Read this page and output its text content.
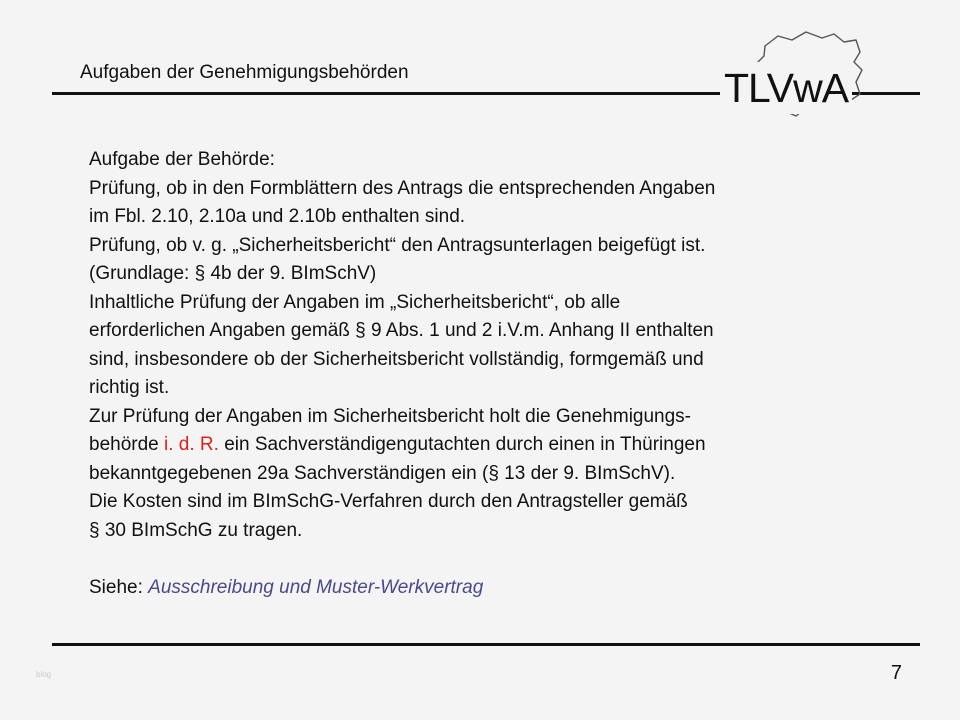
Aufgaben der Genehmigungsbehörden	TLVwA

Aufgabe der Behörde:

Prüfung, ob in den Formblättern des Antrags die entsprechenden Angaben

im Fbl. 2.10, 2.10a und 2.10b enthalten sind.

Prüfung, ob v. g. „Sicherheitsbericht“ den Antragsunterlagen beigefügt ist.

(Grundlage: § 4b der 9. BImSchV)

Inhaltliche Prüfung der Angaben im „Sicherheitsbericht“, ob alle

erforderlichen Angaben gemäß § 9 Abs. 1 und 2 i.V.m. Anhang II enthalten

sind, insbesondere ob der Sicherheitsbericht vollständig, formgemäß und

richtig ist.

Zur Prüfung der Angaben im Sicherheitsbericht holt die Genehmigungs-

behörde i. d. R. ein Sachverständigengutachten durch einen in Thüringen

bekanntgegebenen 29a Sachverständigen ein (§ 13 der 9. BImSchV).

Die Kosten sind im BImSchG-Verfahren durch den Antragsteller gemäß

§ 30 BImSchG zu tragen.

Siehe: Ausschreibung und Muster-Werkvertrag

7
blog
